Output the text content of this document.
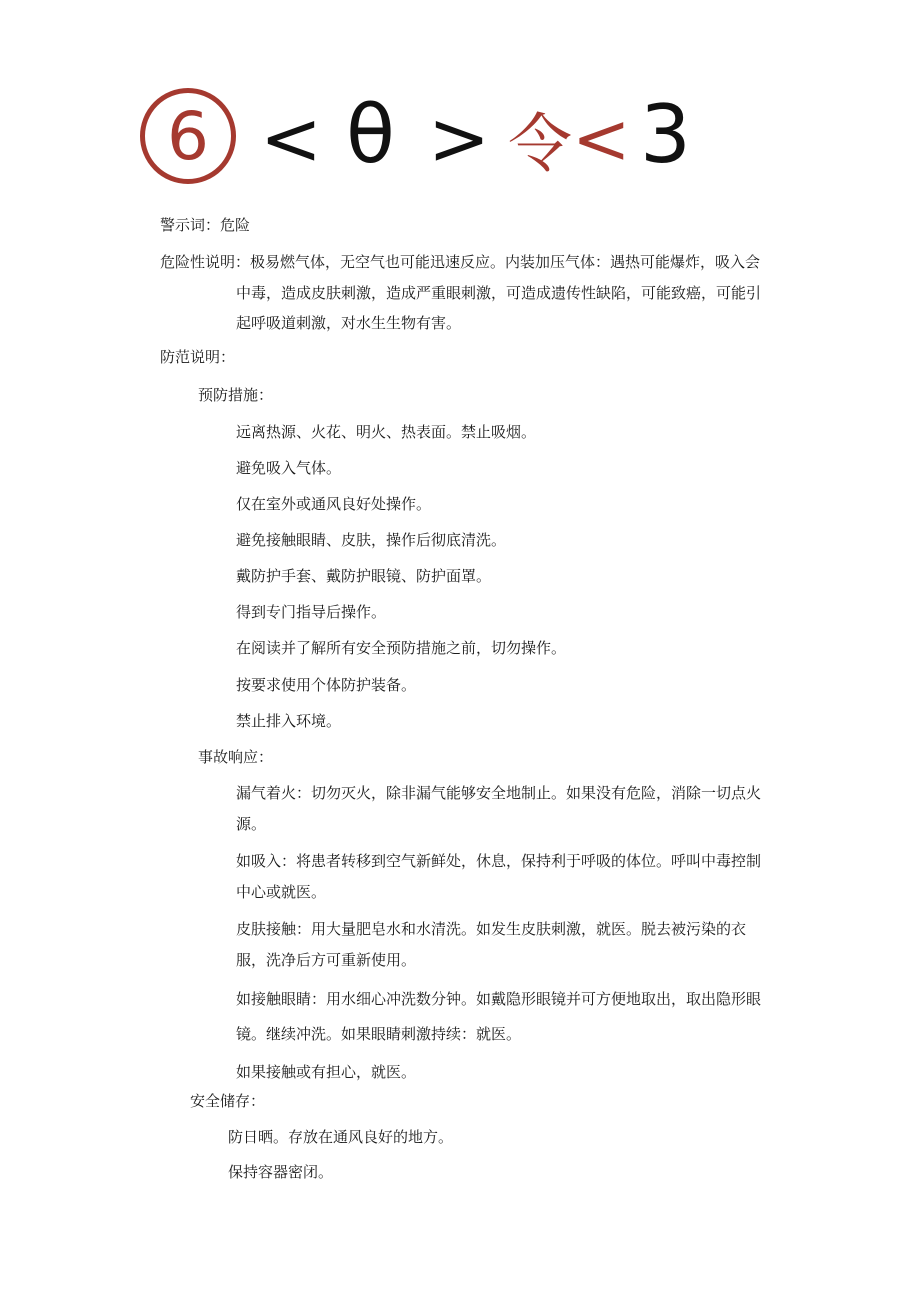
6 < θ > 令 < 3
警示词：危险
危险性说明：极易燃气体，无空气也可能迅速反应。内装加压气体：遇热可能爆炸，吸入会
中毒，造成皮肤刺激，造成严重眼刺激，可造成遗传性缺陷，可能致癌，可能引
起呼吸道刺激，对水生生物有害。
防范说明：
预防措施：
远离热源、火花、明火、热表面。禁止吸烟。
避免吸入气体。
仅在室外或通风良好处操作。
避免接触眼睛、皮肤，操作后彻底清洗。
戴防护手套、戴防护眼镜、防护面罩。
得到专门指导后操作。
在阅读并了解所有安全预防措施之前，切勿操作。
按要求使用个体防护装备。
禁止排入环境。
事故响应：
漏气着火：切勿灭火，除非漏气能够安全地制止。如果没有危险，消除一切点火
源。
如吸入：将患者转移到空气新鲜处，休息，保持利于呼吸的体位。呼叫中毒控制
中心或就医。
皮肤接触：用大量肥皂水和水清洗。如发生皮肤刺激，就医。脱去被污染的衣
服，洗净后方可重新使用。
如接触眼睛：用水细心冲洗数分钟。如戴隐形眼镜并可方便地取出，取出隐形眼
镜。继续冲洗。如果眼睛刺激持续：就医。
如果接触或有担心，就医。
安全储存：
防日晒。存放在通风良好的地方。
保持容器密闭。
